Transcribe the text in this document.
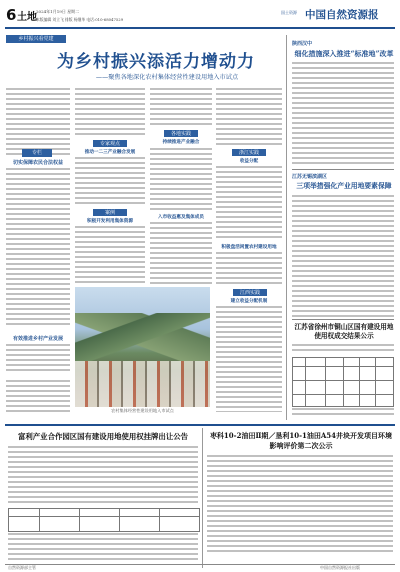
6 土地
2024年1月19日 星期二
本版编辑 刘立飞 排版 杨继华 电话:010-68047529
国土资源 中国自然资源报
乡村振兴看党建
为乡村振兴添活力增动力
——聚焦各地深化农村集体经营性建设用地入市试点
专栏
切实保障农民合法权益
有效推进乡村产业发展
专家观点
推动一二三产业融合发展
案例
积极开发利用集体资源
各地实践
持续推进产业融合
入市收益惠及集体成员
浙江实践
收益分配
积极盘活闲置农村建设用地
农村集体经营性建设用地入市试点
江西实践
建立收益分配机制
陕西汉中
细化措施深入推进“标准地”改革
江苏无锡滨湖区
三项举措强化产业用地要素保障
江苏省徐州市铜山区国有建设用地使用权成交结果公示
富利产业合作园区国有建设用地使用权挂牌出让公告	枣科10-2油田Ⅱ期／垦利10-1油田A54井块开发项目环境影响评价第二次公示
自然资源部主管	中国自然资源报社出版
